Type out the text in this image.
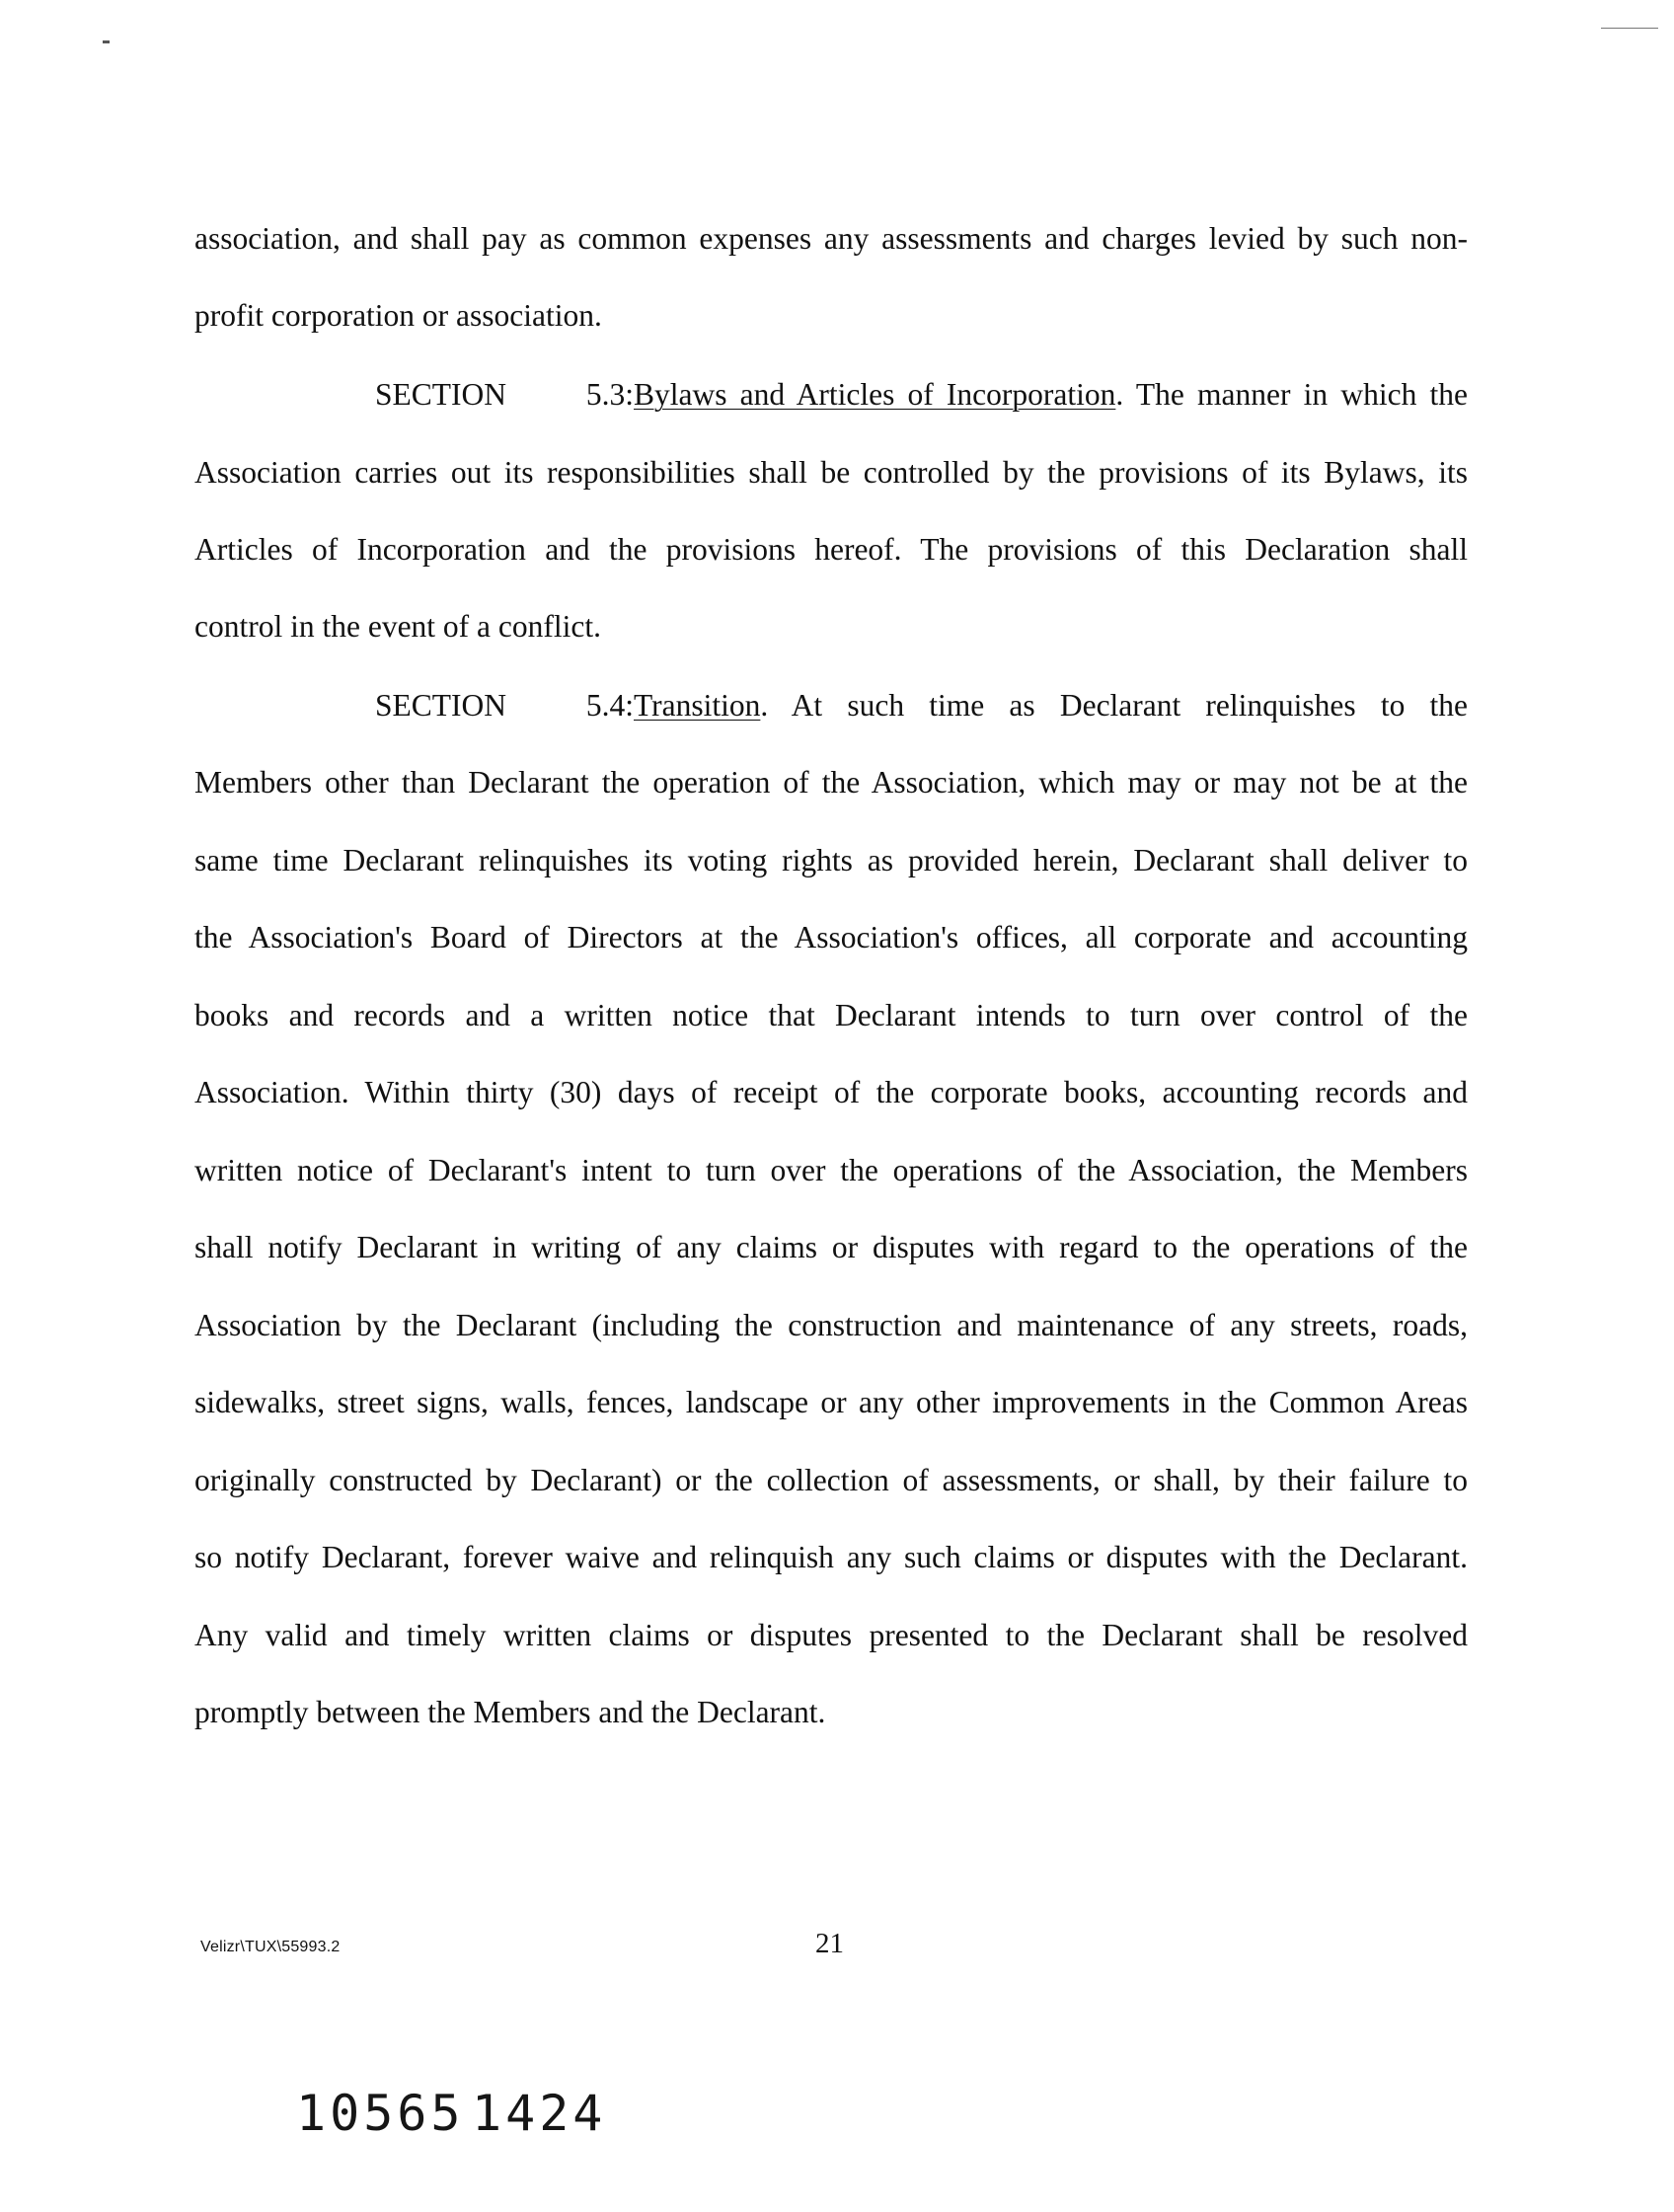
association, and shall pay as common expenses any assessments and charges levied by such non-
profit corporation or association.
SECTION 5.3:Bylaws and Articles of Incorporation. The manner in which the
Association carries out its responsibilities shall be controlled by the provisions of its Bylaws, its
Articles of Incorporation and the provisions hereof. The provisions of this Declaration shall
control in the event of a conflict.
SECTION 5.4:Transition. At such time as Declarant relinquishes to the
Members other than Declarant the operation of the Association, which may or may not be at the
same time Declarant relinquishes its voting rights as provided herein, Declarant shall deliver to
the Association's Board of Directors at the Association's offices, all corporate and accounting
books and records and a written notice that Declarant intends to turn over control of the
Association. Within thirty (30) days of receipt of the corporate books, accounting records and
written notice of Declarant's intent to turn over the operations of the Association, the Members
shall notify Declarant in writing of any claims or disputes with regard to the operations of the
Association by the Declarant (including the construction and maintenance of any streets, roads,
sidewalks, street signs, walls, fences, landscape or any other improvements in the Common Areas
originally constructed by Declarant) or the collection of assessments, or shall, by their failure to
so notify Declarant, forever waive and relinquish any such claims or disputes with the Declarant.
Any valid and timely written claims or disputes presented to the Declarant shall be resolved
promptly between the Members and the Declarant.
Velizr\TUX\55993.2	21
10565 1424
